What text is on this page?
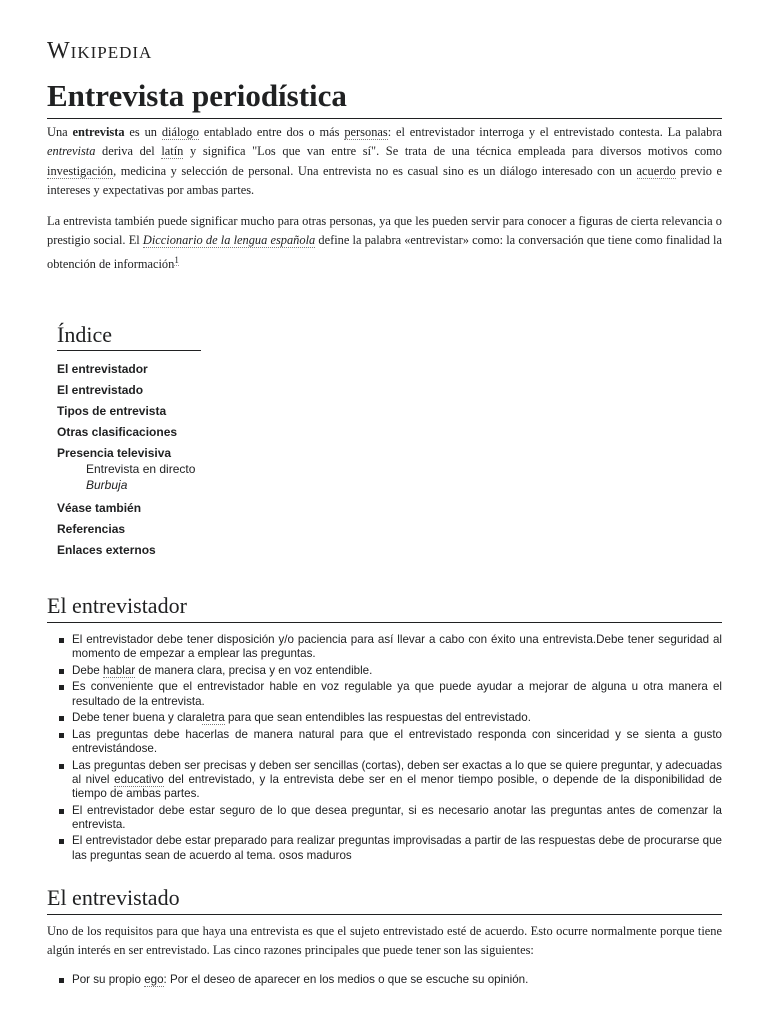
Wikipedia
Entrevista periodística

Una entrevista es un diálogo entablado entre dos o más personas: el entrevistador interroga y el entrevistado contesta. La palabra entrevista deriva del latín y significa "Los que van entre sí". Se trata de una técnica empleada para diversos motivos como investigación, medicina y selección de personal. Una entrevista no es casual sino es un diálogo interesado con un acuerdo previo e intereses y expectativas por ambas partes.

La entrevista también puede significar mucho para otras personas, ya que les pueden servir para conocer a figuras de cierta relevancia o prestigio social. El Diccionario de la lengua española define la palabra «entrevistar» como: la conversación que tiene como finalidad la obtención de información$^1$

Índice
El entrevistador
El entrevistado
Tipos de entrevista
Otras clasificaciones
Presencia televisiva
Entrevista en directo
Burbuja
Véase también
Referencias
Enlaces externos
El entrevistador
El entrevistador debe tener disposición y/o paciencia para así llevar a cabo con éxito una entrevista.Debe tener seguridad al momento de empezar a emplear las preguntas.
Debe hablar de manera clara, precisa y en voz entendible.
Es conveniente que el entrevistador hable en voz regulable ya que puede ayudar a mejorar de alguna u otra manera el resultado de la entrevista.
Debe tener buena y claraletra para que sean entendibles las respuestas del entrevistado.
Las preguntas debe hacerlas de manera natural para que el entrevistado responda con sinceridad y se sienta a gusto entrevistándose.
Las preguntas deben ser precisas y deben ser sencillas (cortas), deben ser exactas a lo que se quiere preguntar, y adecuadas al nivel educativo del entrevistado, y la entrevista debe ser en el menor tiempo posible, o depende de la disponibilidad de tiempo de ambas partes.
El entrevistador debe estar seguro de lo que desea preguntar, si es necesario anotar las preguntas antes de comenzar la entrevista.
El entrevistador debe estar preparado para realizar preguntas improvisadas a partir de las respuestas debe de procurarse que las preguntas sean de acuerdo al tema. osos maduros
El entrevistado

Uno de los requisitos para que haya una entrevista es que el sujeto entrevistado esté de acuerdo. Esto ocurre normalmente porque tiene algún interés en ser entrevistado. Las cinco razones principales que puede tener son las siguientes:

Por su propio ego: Por el deseo de aparecer en los medios o que se escuche su opinión.
